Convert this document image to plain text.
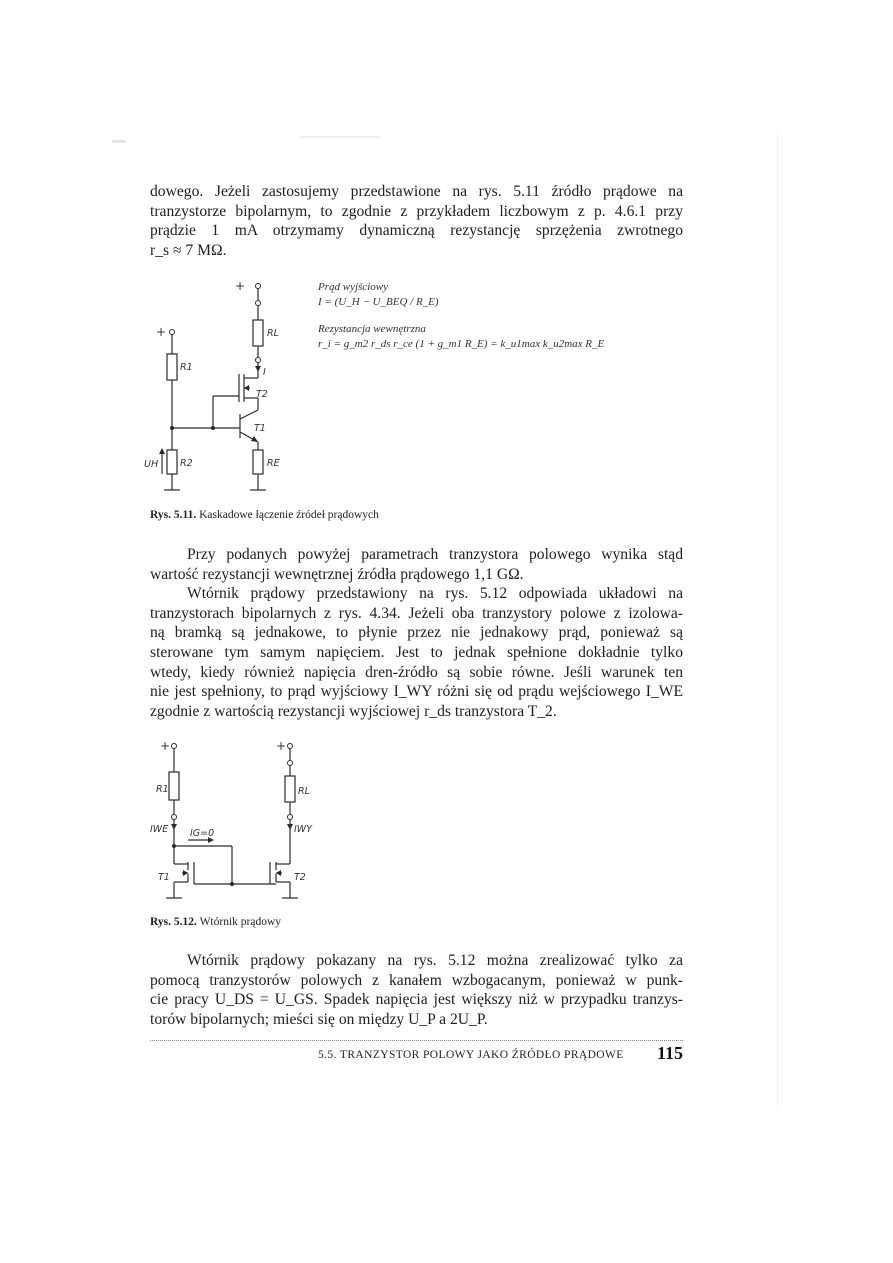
dowego. Jeżeli zastosujemy przedstawione na rys. 5.11 źródło prądowe na
tranzystorze bipolarnym, to zgodnie z przykładem liczbowym z p. 4.6.1 przy
prądzie 1 mA otrzymamy dynamiczną rezystancję sprzężenia zwrotnego
r_s ≈ 7 MΩ.

+
RL
I
T2
T1
RE
+
R1
R2
UH
Prąd wyjściowy
I = (U_H − U_BEQ / R_E)
Rezystancja wewnętrzna
r_i = g_m2 r_ds r_ce (1 + g_m1 R_E) = k_u1max k_u2max R_E
Rys. 5.11. Kaskadowe łączenie źródeł prądowych

Przy podanych powyżej parametrach tranzystora polowego wynika stąd
wartość rezystancji wewnętrznej źródła prądowego 1,1 GΩ.
Wtórnik prądowy przedstawiony na rys. 5.12 odpowiada układowi na
tranzystorach bipolarnych z rys. 4.34. Jeżeli oba tranzystory polowe z izolowa-
ną bramką są jednakowe, to płynie przez nie jednakowy prąd, ponieważ są
sterowane tym samym napięciem. Jest to jednak spełnione dokładnie tylko
wtedy, kiedy również napięcia dren-źródło są sobie równe. Jeśli warunek ten
nie jest spełniony, to prąd wyjściowy I_WY różni się od prądu wejściowego I_WE
zgodnie z wartością rezystancji wyjściowej r_ds tranzystora T_2.

+
R1
IWE
T1
IG=0
+
RL
IWY
T2
Rys. 5.12. Wtórnik prądowy

Wtórnik prądowy pokazany na rys. 5.12 można zrealizować tylko za
pomocą tranzystorów polowych z kanałem wzbogacanym, ponieważ w punk-
cie pracy U_DS = U_GS. Spadek napięcia jest większy niż w przypadku tranzys-
torów bipolarnych; mieści się on między U_P a 2U_P.

5.5. TRANZYSTOR POLOWY JAKO ŹRÓDŁO PRĄDOWE 115
